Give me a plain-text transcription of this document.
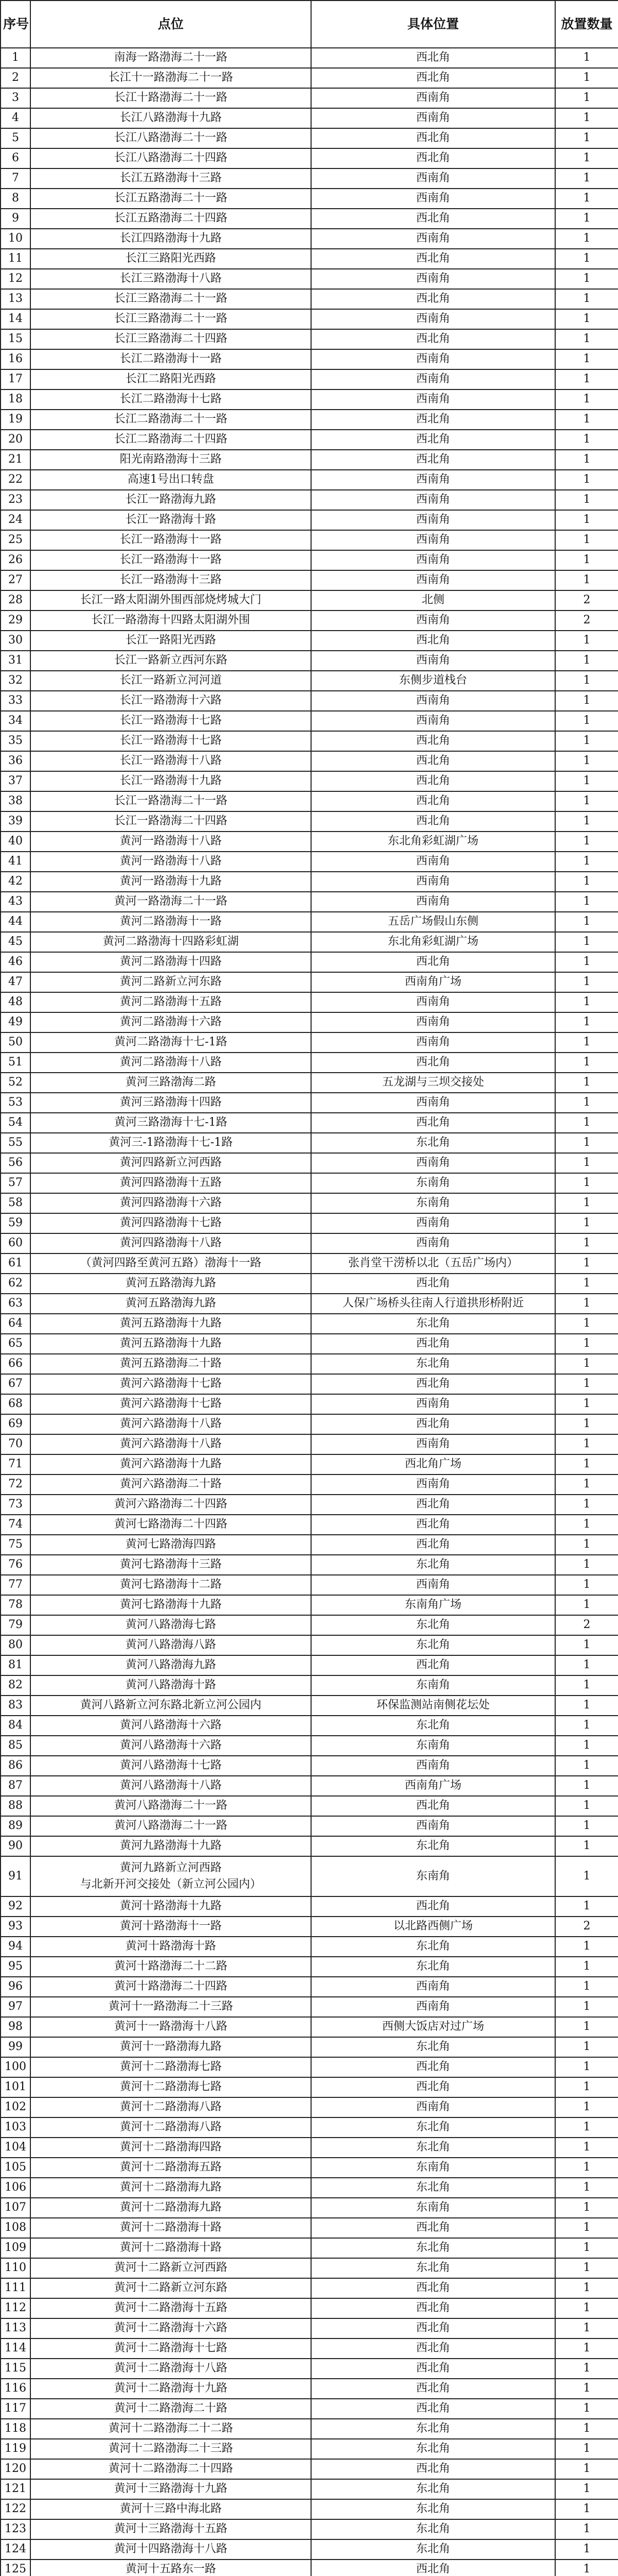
序号	点位	具体位置	放置数量
1	南海一路渤海二十一路	西北角	1
2	长江十一路渤海二十一路	西北角	1
3	长江十路渤海二十一路	西南角	1
4	长江八路渤海十九路	西南角	1
5	长江八路渤海二十一路	西北角	1
6	长江八路渤海二十四路	西北角	1
7	长江五路渤海十三路	西南角	1
8	长江五路渤海二十一路	西南角	1
9	长江五路渤海二十四路	西北角	1
10	长江四路渤海十九路	西南角	1
11	长江三路阳光西路	西北角	1
12	长江三路渤海十八路	西南角	1
13	长江三路渤海二十一路	西北角	1
14	长江三路渤海二十一路	西南角	1
15	长江三路渤海二十四路	西北角	1
16	长江二路渤海十一路	西南角	1
17	长江二路阳光西路	西南角	1
18	长江二路渤海十七路	西南角	1
19	长江二路渤海二十一路	西北角	1
20	长江二路渤海二十四路	西北角	1
21	阳光南路渤海十三路	西北角	1
22	高速1号出口转盘	西南角	1
23	长江一路渤海九路	西南角	1
24	长江一路渤海十路	西南角	1
25	长江一路渤海十一路	西南角	1
26	长江一路渤海十一路	西南角	1
27	长江一路渤海十三路	西南角	1
28	长江一路太阳湖外围西部烧烤城大门	北侧	2
29	长江一路渤海十四路太阳湖外围	西南角	2
30	长江一路阳光西路	西北角	1
31	长江一路新立西河东路	西南角	1
32	长江一路新立河河道	东侧步道栈台	1
33	长江一路渤海十六路	西南角	1
34	长江一路渤海十七路	西南角	1
35	长江一路渤海十七路	西北角	1
36	长江一路渤海十八路	西北角	1
37	长江一路渤海十九路	西北角	1
38	长江一路渤海二十一路	西北角	1
39	长江一路渤海二十四路	西北角	1
40	黄河一路渤海十八路	东北角彩虹湖广场	1
41	黄河一路渤海十八路	西南角	1
42	黄河一路渤海十九路	西南角	1
43	黄河一路渤海二十一路	西南角	1
44	黄河二路渤海十一路	五岳广场假山东侧	1
45	黄河二路渤海十四路彩虹湖	东北角彩虹湖广场	1
46	黄河二路渤海十四路	西北角	1
47	黄河二路新立河东路	西南角广场	1
48	黄河二路渤海十五路	西南角	1
49	黄河二路渤海十六路	西南角	1
50	黄河二路渤海十七-1路	西南角	1
51	黄河二路渤海十八路	西北角	1
52	黄河三路渤海二路	五龙湖与三坝交接处	1
53	黄河三路渤海十四路	西南角	1
54	黄河三路渤海十七-1路	西北角	1
55	黄河三-1路渤海十七-1路	东北角	1
56	黄河四路新立河西路	西南角	1
57	黄河四路渤海十五路	东南角	1
58	黄河四路渤海十六路	东南角	1
59	黄河四路渤海十七路	西南角	1
60	黄河四路渤海十八路	西南角	1
61	（黄河四路至黄河五路）渤海十一路	张肖堂干涝桥以北（五岳广场内）	1
62	黄河五路渤海九路	西北角	1
63	黄河五路渤海九路	人保广场桥头往南人行道拱形桥附近	1
64	黄河五路渤海十九路	东北角	1
65	黄河五路渤海十九路	西北角	1
66	黄河五路渤海二十路	东北角	1
67	黄河六路渤海十七路	西北角	1
68	黄河六路渤海十七路	西南角	1
69	黄河六路渤海十八路	西北角	1
70	黄河六路渤海十八路	西南角	1
71	黄河六路渤海十九路	西北角广场	1
72	黄河六路渤海二十路	西南角	1
73	黄河六路渤海二十四路	西北角	1
74	黄河七路渤海二十四路	西北角	1
75	黄河七路渤海四路	西北角	1
76	黄河七路渤海十三路	东北角	1
77	黄河七路渤海十二路	西南角	1
78	黄河七路渤海十九路	东南角广场	1
79	黄河八路渤海七路	东北角	2
80	黄河八路渤海八路	东北角	1
81	黄河八路渤海九路	西北角	1
82	黄河八路渤海十路	东南角	1
83	黄河八路新立河东路北新立河公园内	环保监测站南侧花坛处	1
84	黄河八路渤海十六路	东北角	1
85	黄河八路渤海十六路	东南角	1
86	黄河八路渤海十七路	西南角	1
87	黄河八路渤海十八路	西南角广场	1
88	黄河八路渤海二十一路	西北角	1
89	黄河八路渤海二十一路	西南角	1
90	黄河九路渤海十九路	东北角	1
91	黄河九路新立河西路
与北新开河交接处（新立河公园内）	东南角	1
92	黄河十路渤海十九路	西北角	1
93	黄河十路渤海十一路	以北路西侧广场	2
94	黄河十路渤海十路	东北角	1
95	黄河十路渤海二十二路	东北角	1
96	黄河十路渤海二十四路	西南角	1
97	黄河十一路渤海二十三路	西南角	1
98	黄河十一路渤海十八路	西侧大饭店对过广场	1
99	黄河十一路渤海九路	东北角	1
100	黄河十二路渤海七路	西北角	1
101	黄河十二路渤海七路	西北角	1
102	黄河十二路渤海八路	西南角	1
103	黄河十二路渤海八路	东北角	1
104	黄河十二路渤海四路	东北角	1
105	黄河十二路渤海五路	东南角	1
106	黄河十二路渤海九路	东北角	1
107	黄河十二路渤海九路	东南角	1
108	黄河十二路渤海十路	西北角	1
109	黄河十二路渤海十路	东北角	1
110	黄河十二路新立河西路	东北角	1
111	黄河十二路新立河东路	西北角	1
112	黄河十二路渤海十五路	西北角	1
113	黄河十二路渤海十六路	西北角	1
114	黄河十二路渤海十七路	西北角	1
115	黄河十二路渤海十八路	西北角	1
116	黄河十二路渤海十九路	西北角	1
117	黄河十二路渤海二十路	西北角	1
118	黄河十二路渤海二十二路	东北角	1
119	黄河十二路渤海二十三路	东北角	1
120	黄河十二路渤海二十四路	西北角	1
121	黄河十三路渤海十九路	东北角	1
122	黄河十三路中海北路	东北角	1
123	黄河十三路渤海十五路	东北角	1
124	黄河十四路渤海十八路	东北角	1
125	黄河十五路东一路	西北角	1
